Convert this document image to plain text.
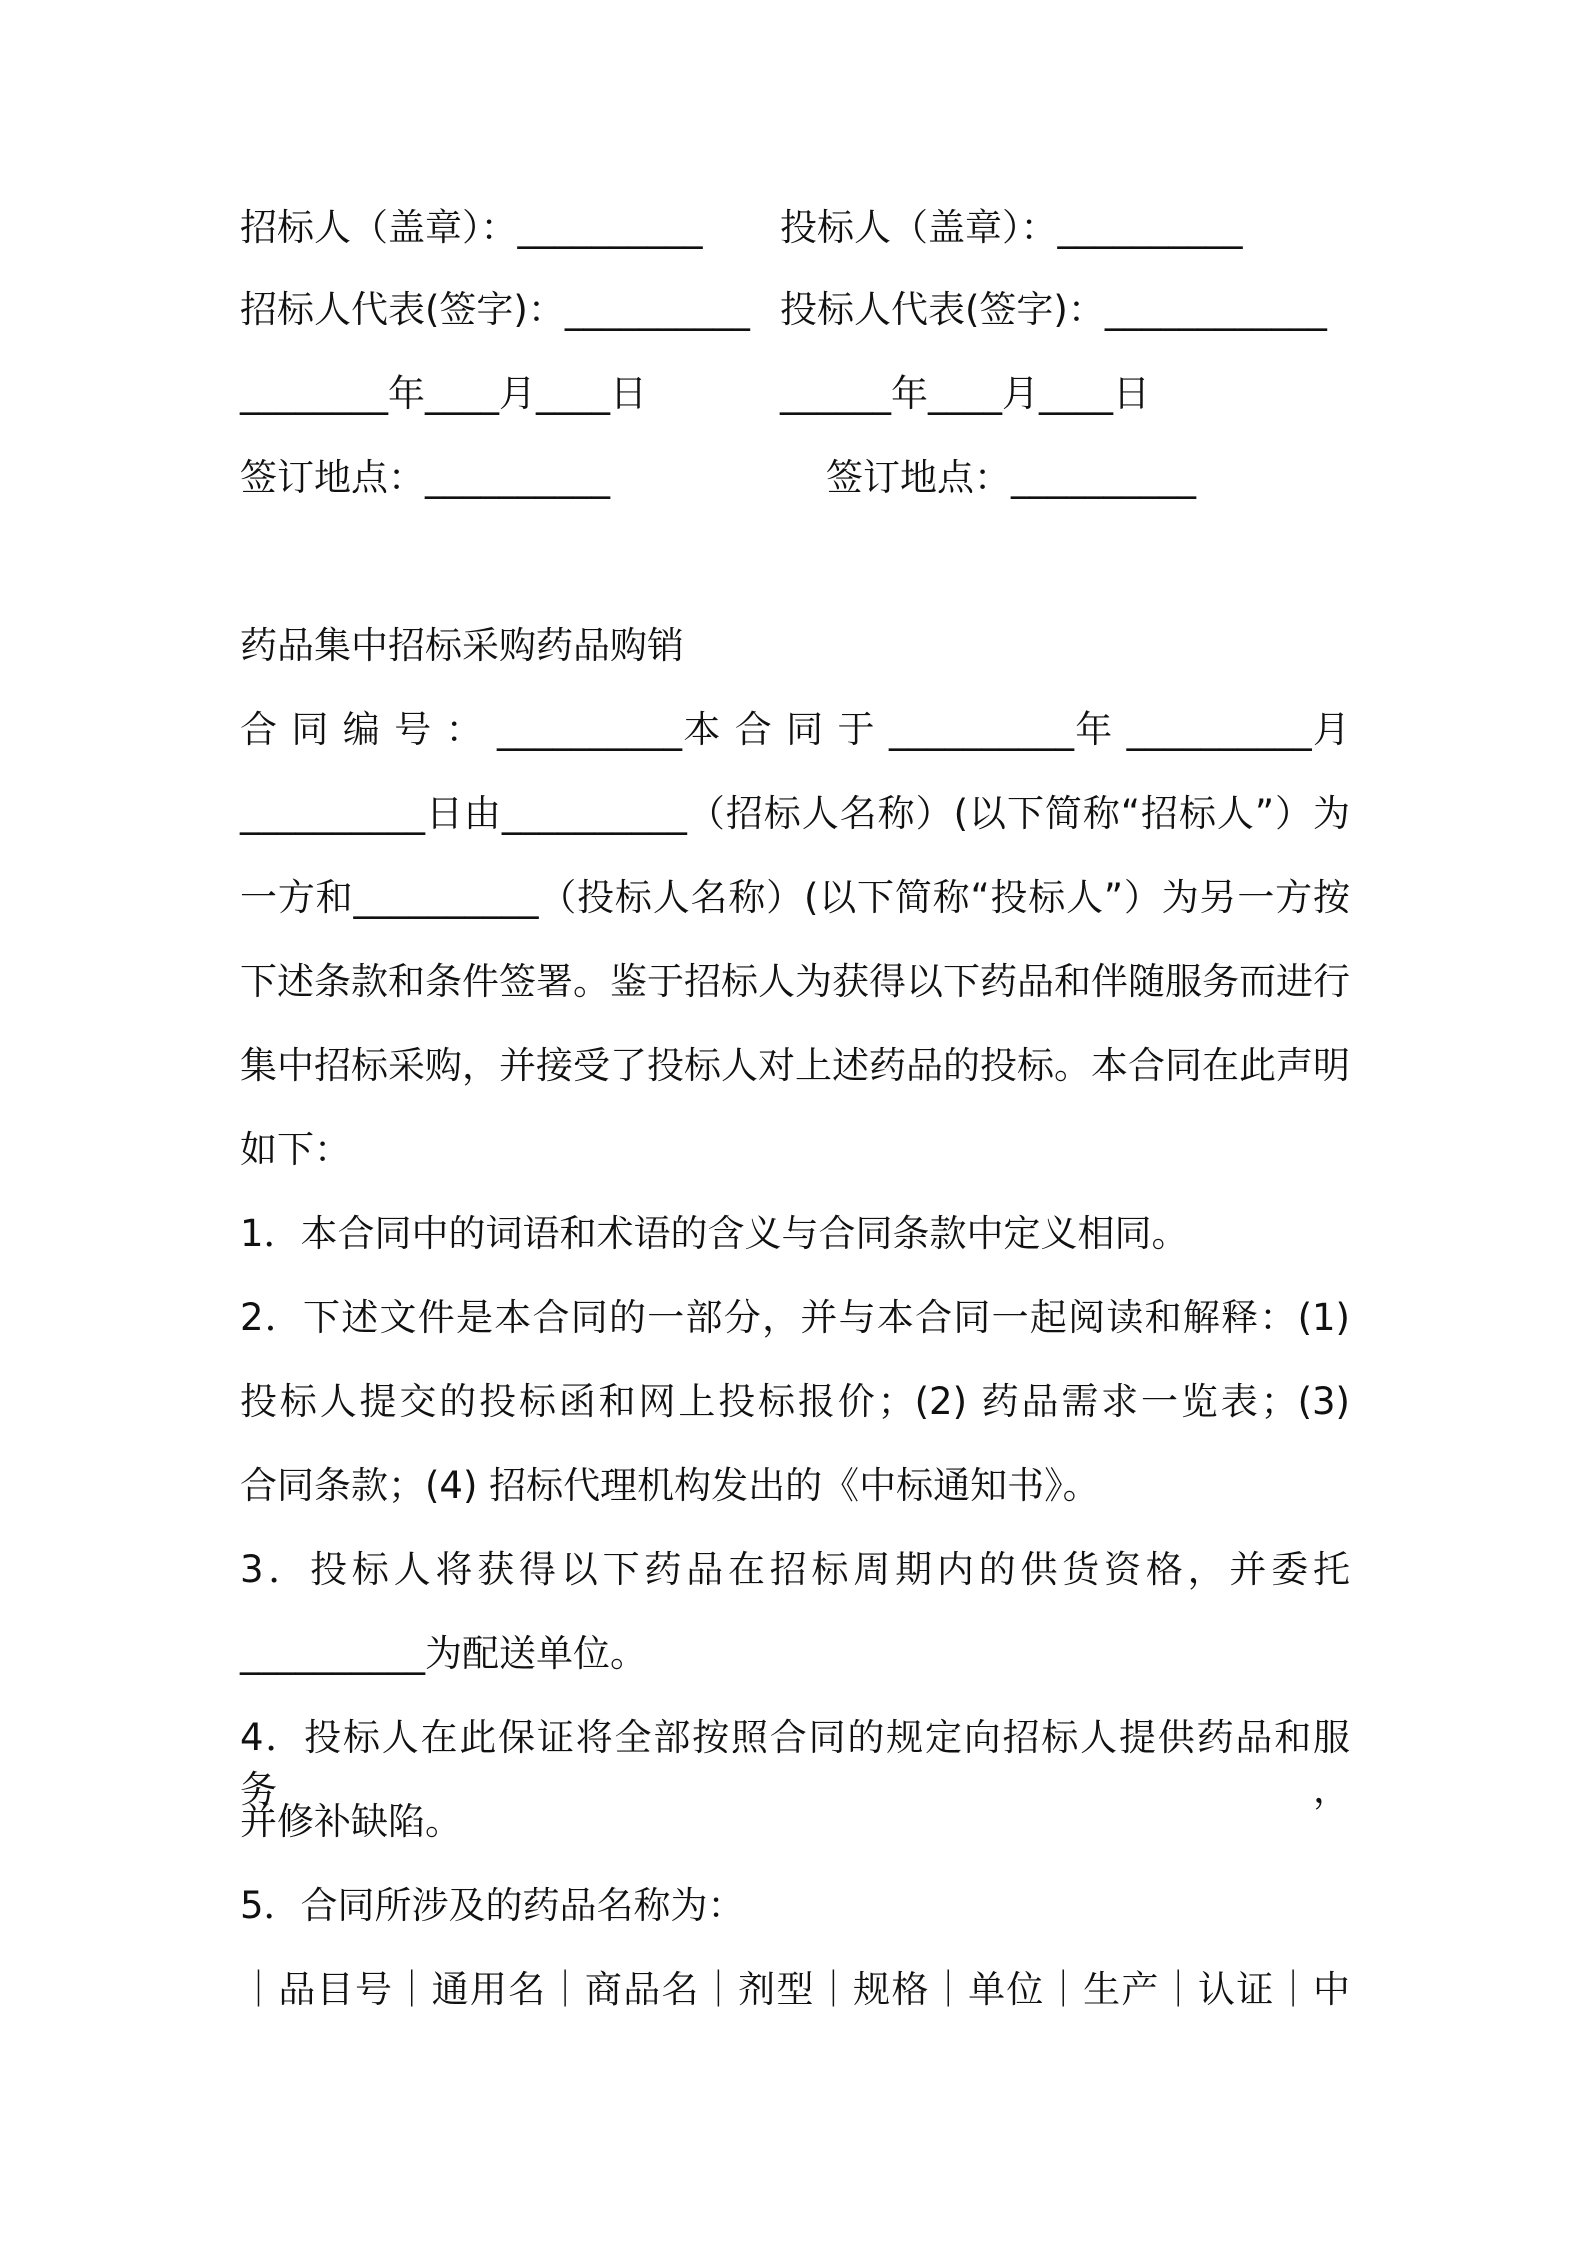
招标人（盖章）：__________ 投标人（盖章）：__________
招标人代表(签字)：__________ 投标人代表(签字)：____________
________年____月____日	______年____月____日
签订地点：__________	签订地点：__________
药品集中招标采购药品购销
合 同 编 号 ： __________本 合 同 于 __________年 __________月
__________日由__________（招标人名称）(以下简称“招标人”）为
一方和__________（投标人名称）(以下简称“投标人”）为另一方按
下述条款和条件签署。鉴于招标人为获得以下药品和伴随服务而进行
集中招标采购，并接受了投标人对上述药品的投标。本合同在此声明
如下：
1．本合同中的词语和术语的含义与合同条款中定义相同。
2．下述文件是本合同的一部分，并与本合同一起阅读和解释：(1)
投标人提交的投标函和网上投标报价；(2) 药品需求一览表；(3)
合同条款；(4) 招标代理机构发出的《中标通知书》。
3．投标人将获得以下药品在招标周期内的供货资格，并委托
__________为配送单位。
4．投标人在此保证将全部按照合同的规定向招标人提供药品和服务，
并修补缺陷。
5．合同所涉及的药品名称为：
｜品目号｜通用名｜商品名｜剂型｜规格｜单位｜生产｜认证｜中
